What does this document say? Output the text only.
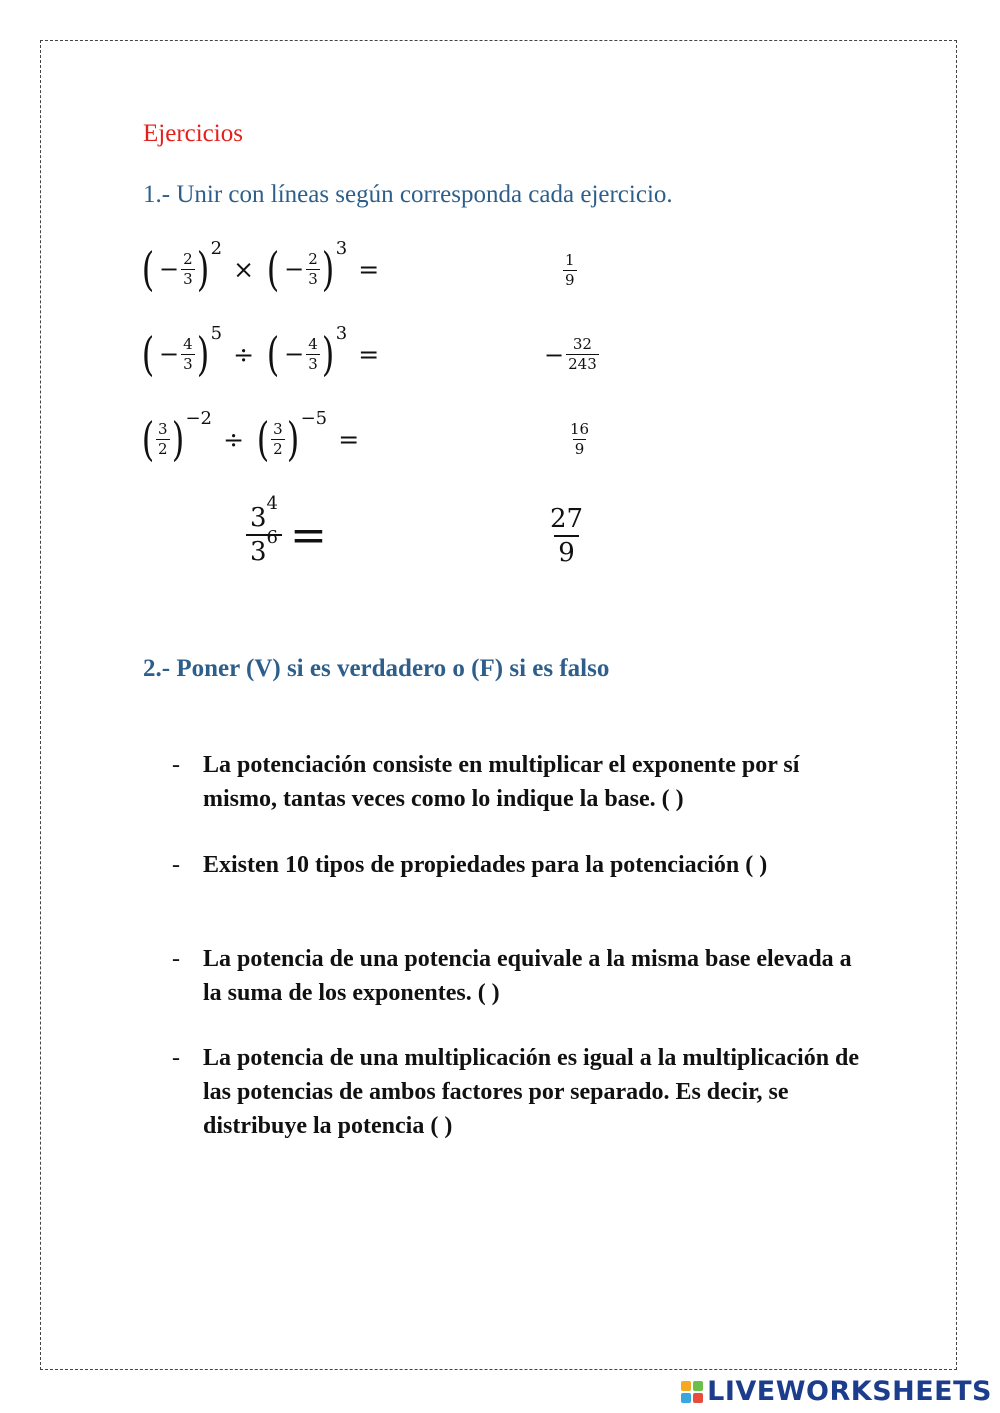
Ejercicios
1.- Unir con líneas según corresponda cada ejercicio.
( − $\frac{2}{3} )2$ × ( − $\frac{2}{3} )3$ =
( − $\frac{4}{3} )5$ ÷ ( − $\frac{4}{3} )3$ =
( $\frac{3}{2} )-2$ ÷ ( $\frac{3}{2} )-5$ =
$\frac{34}{36}$ =
$\frac{1}{9}$
− $\frac{32}{243}$
$\frac{16}{9}$
$\frac{27}{9}$
2.- Poner (V) si es verdadero o (F) si es falso
- La potenciación consiste en multiplicar el exponente por sí mismo, tantas veces como lo indique la base. ( )
- Existen 10 tipos de propiedades para la potenciación ( )
- La potencia de una potencia equivale a la misma base elevada a la suma de los exponentes. ( )
- La potencia de una multiplicación es igual a la multiplicación de las potencias de ambos factores por separado. Es decir, se distribuye la potencia ( )
LIVEWORKSHEETS
